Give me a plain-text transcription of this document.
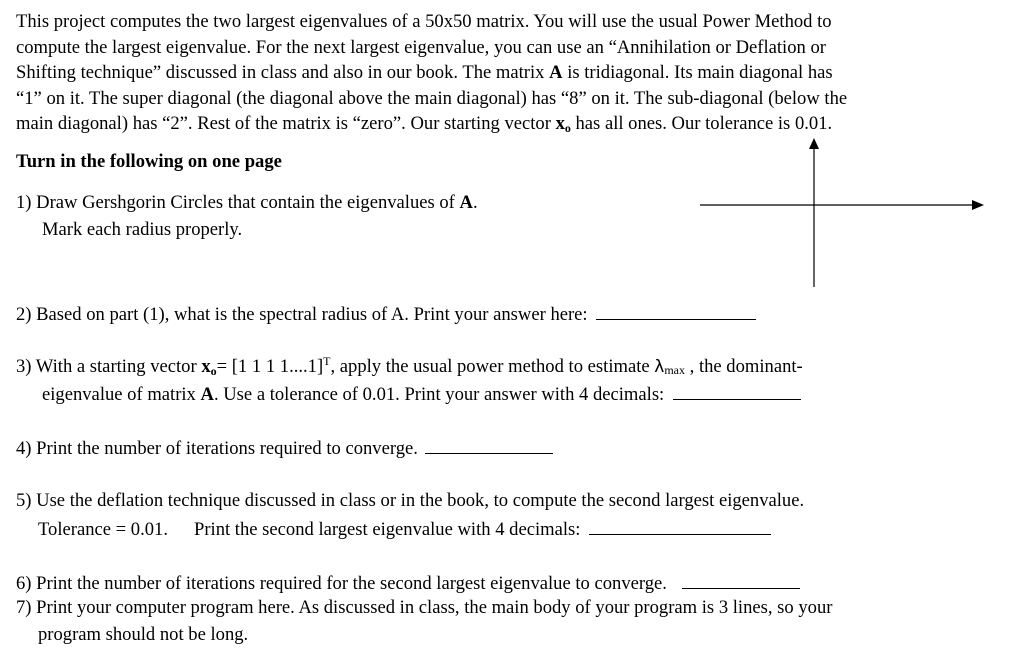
This project computes the two largest eigenvalues of a 50x50 matrix. You will use the usual Power Method to
compute the largest eigenvalue. For the next largest eigenvalue, you can use an “Annihilation or Deflation or
Shifting technique” discussed in class and also in our book. The matrix A is tridiagonal. Its main diagonal has
“1” on it. The super diagonal (the diagonal above the main diagonal) has “8” on it. The sub-diagonal (below the
main diagonal) has “2”. Rest of the matrix is “zero”. Our starting vector $x_o$ has all ones. Our tolerance is 0.01.
Turn in the following on one page
1) Draw Gershgorin Circles that contain the eigenvalues of A.
Mark each radius properly.
2) Based on part (1), what is the spectral radius of A. Print your answer here:
3) With a starting vector $x_o= [1$ 1 1 1....1]$^T$, apply the usual power method to estimate λmax , the dominant-
eigenvalue of matrix A. Use a tolerance of 0.01. Print your answer with 4 decimals:
4) Print the number of iterations required to converge.
5) Use the deflation technique discussed in class or in the book, to compute the second largest eigenvalue.
Tolerance = 0.01. Print the second largest eigenvalue with 4 decimals:
6) Print the number of iterations required for the second largest eigenvalue to converge.
7) Print your computer program here. As discussed in class, the main body of your program is 3 lines, so your
program should not be long.
